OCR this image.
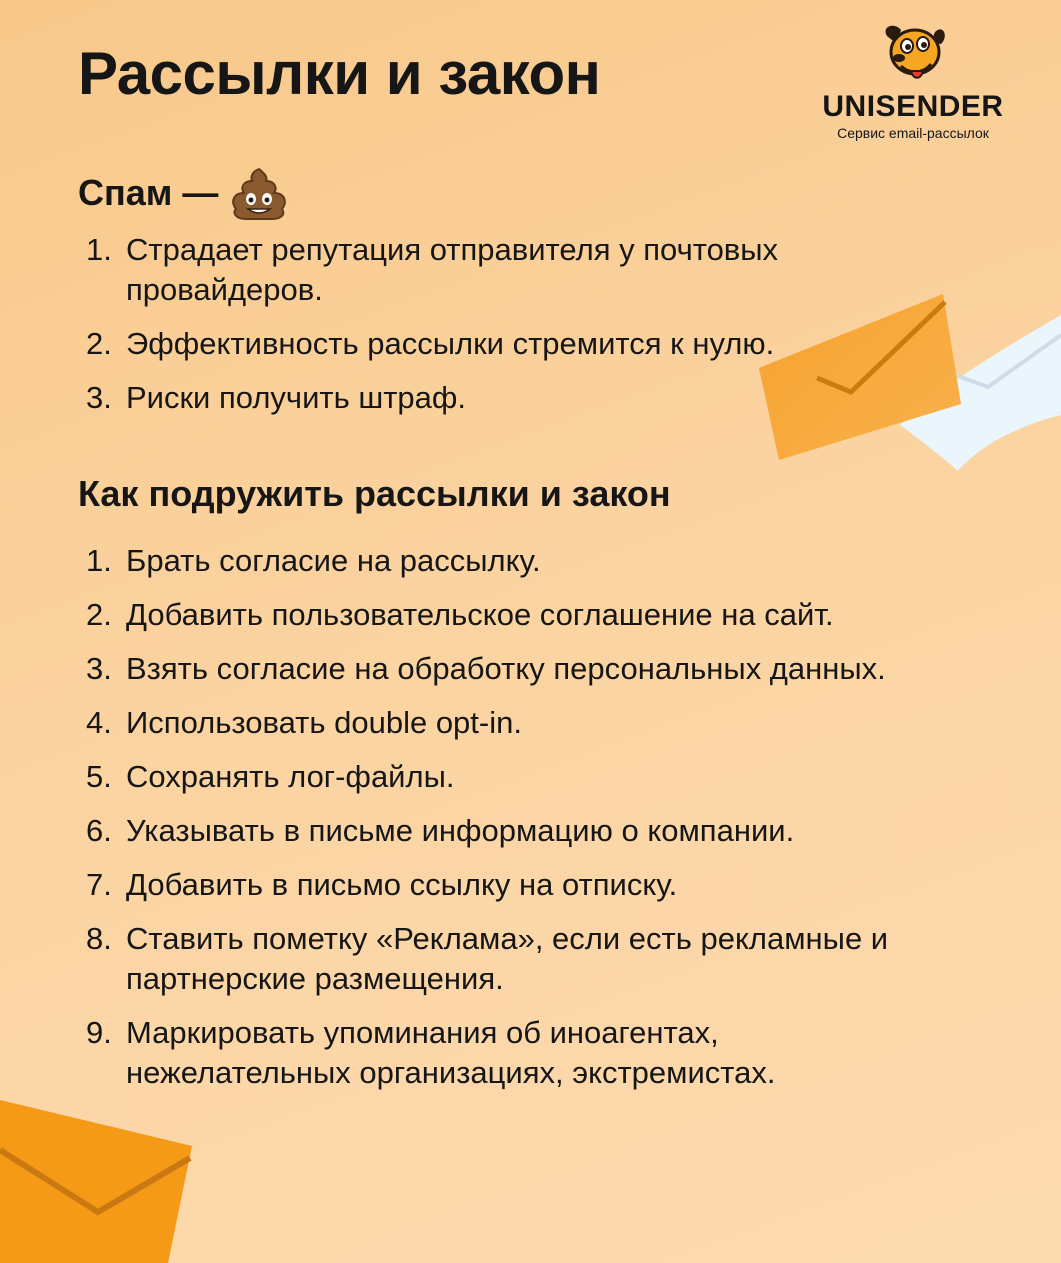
Рассылки и закон	UNISENDER
Сервис email-рассылок
Спам —
1. Страдает репутация отправителя у почтовых
провайдеров.
2. Эффективность рассылки стремится к нулю.
3. Риски получить штраф.
Как подружить рассылки и закон
1. Брать согласие на рассылку.
2. Добавить пользовательское соглашение на сайт.
3. Взять согласие на обработку персональных данных.
4. Использовать double opt-in.
5. Сохранять лог-файлы.
6. Указывать в письме информацию о компании.
7. Добавить в письмо ссылку на отписку.
8. Ставить пометку «Реклама», если есть рекламные и
партнерские размещения.
9. Маркировать упоминания об иноагентах,
нежелательных организациях, экстремистах.
